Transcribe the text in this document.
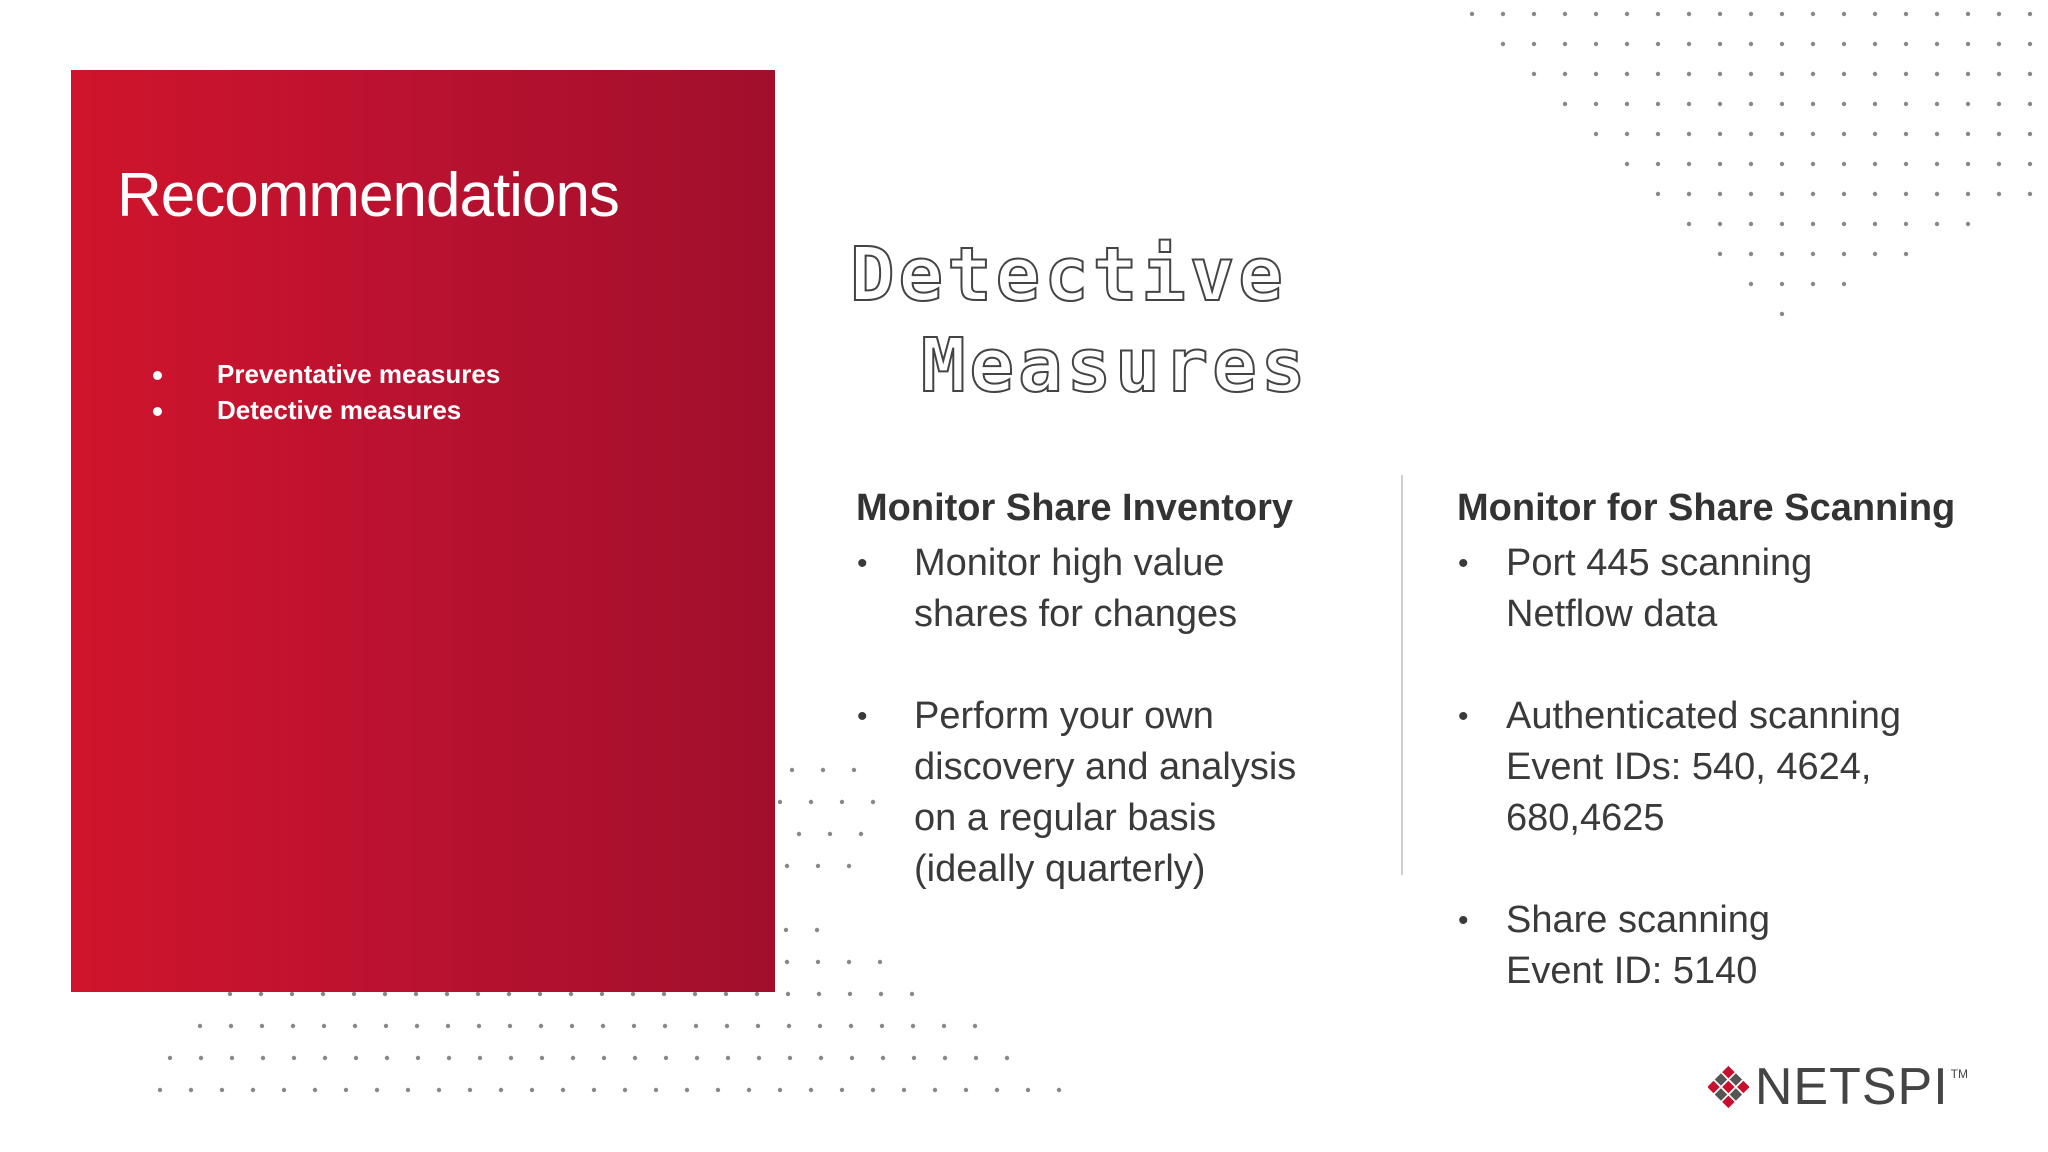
Recommendations
Preventative measures
Detective measures
Detective
Measures
Monitor Share Inventory
• Monitor high value
shares for changes
• Perform your own
discovery and analysis
on a regular basis
(ideally quarterly)
Monitor for Share Scanning
• Port 445 scanning
Netflow data
• Authenticated scanning
Event IDs: 540, 4624,
680,4625
• Share scanning
Event ID: 5140
NETSPI TM
